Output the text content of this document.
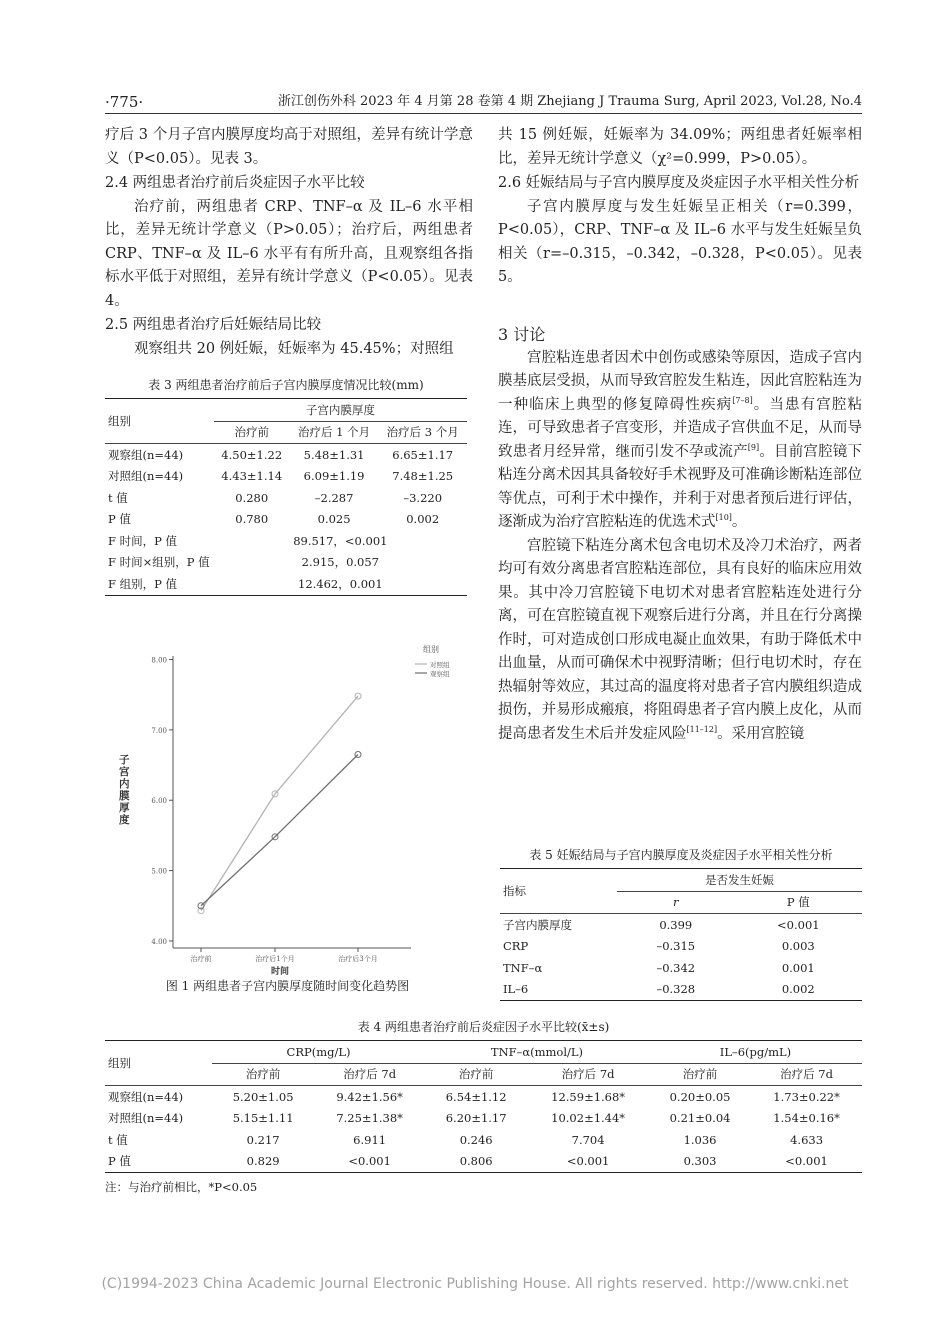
·775·	浙江创伤外科 2023 年 4 月第 28 卷第 4 期 Zhejiang J Trauma Surg, April 2023, Vol.28, No.4

疗后 3 个月子宫内膜厚度均高于对照组，差异有统计学意义（P<0.05）。见表 3。

2.4 两组患者治疗前后炎症因子水平比较

治疗前，两组患者 CRP、TNF–α 及 IL–6 水平相比，差异无统计学意义（P>0.05）；治疗后，两组患者 CRP、TNF–α 及 IL–6 水平有有所升高，且观察组各指标水平低于对照组，差异有统计学意义（P<0.05）。见表 4。

2.5 两组患者治疗后妊娠结局比较

观察组共 20 例妊娠，妊娠率为 45.45%；对照组

表 3 两组患者治疗前后子宫内膜厚度情况比较(mm)
组别	子宫内膜厚度		
	治疗前	治疗后 1 个月	治疗后 3 个月
观察组(n=44)	4.50±1.22	5.48±1.31	6.65±1.17
对照组(n=44)	4.43±1.14	6.09±1.19	7.48±1.25
t 值	0.280	–2.287	–3.220
P 值	0.780	0.025	0.002
F 时间，P 值	89.517，<0.001		
F 时间×组别，P 值	2.915，0.057		
F 组别，P 值	12.462，0.001		
4.00
5.00
6.00
7.00
8.00
治疗前	治疗后1个月	治疗后3个月
子宫内膜厚度
时间
组别
对照组
观察组
图 1 两组患者子宫内膜厚度随时间变化趋势图

共 15 例妊娠，妊娠率为 34.09%；两组患者妊娠率相比，差异无统计学意义（χ²=0.999，P>0.05）。

2.6 妊娠结局与子宫内膜厚度及炎症因子水平相关性分析

子宫内膜厚度与发生妊娠呈正相关（r=0.399，P<0.05），CRP、TNF–α 及 IL–6 水平与发生妊娠呈负相关（r=–0.315，–0.342，–0.328，P<0.05）。见表 5。

3 讨论

宫腔粘连患者因术中创伤或感染等原因，造成子宫内膜基底层受损，从而导致宫腔发生粘连，因此宫腔粘连为一种临床上典型的修复障碍性疾病[7–8]。当患有宫腔粘连，可导致患者子宫变形，并造成子宫供血不足，从而导致患者月经异常，继而引发不孕或流产[9]。目前宫腔镜下粘连分离术因其具备较好手术视野及可准确诊断粘连部位等优点，可利于术中操作，并利于对患者预后进行评估，逐渐成为治疗宫腔粘连的优选术式[10]。

宫腔镜下粘连分离术包含电切术及冷刀术治疗，两者均可有效分离患者宫腔粘连部位，具有良好的临床应用效果。其中冷刀宫腔镜下电切术对患者宫腔粘连处进行分离，可在宫腔镜直视下观察后进行分离，并且在行分离操作时，可对造成创口形成电凝止血效果，有助于降低术中出血量，从而可确保术中视野清晰；但行电切术时，存在热辐射等效应，其过高的温度将对患者子宫内膜组织造成损伤，并易形成瘢痕，将阻碍患者子宫内膜上皮化，从而提高患者发生术后并发症风险[11–12]。采用宫腔镜

表 5 妊娠结局与子宫内膜厚度及炎症因子水平相关性分析
指标	是否发生妊娠	
	r	P 值
子宫内膜厚度	0.399	<0.001
CRP	–0.315	0.003
TNF–α	–0.342	0.001
IL–6	–0.328	0.002
表 4 两组患者治疗前后炎症因子水平比较(x̄±s)
组别	CRP(mg/L)		TNF–α(mmol/L)		IL–6(pg/mL)	
	治疗前	治疗后 7d	治疗前	治疗后 7d	治疗前	治疗后 7d
观察组(n=44)	5.20±1.05	9.42±1.56*	6.54±1.12	12.59±1.68*	0.20±0.05	1.73±0.22*
对照组(n=44)	5.15±1.11	7.25±1.38*	6.20±1.17	10.02±1.44*	0.21±0.04	1.54±0.16*
t 值	0.217	6.911	0.246	7.704	1.036	4.633
P 值	0.829	<0.001	0.806	<0.001	0.303	<0.001
注：与治疗前相比，*P<0.05
(C)1994-2023 China Academic Journal Electronic Publishing House. All rights reserved. http://www.cnki.net
